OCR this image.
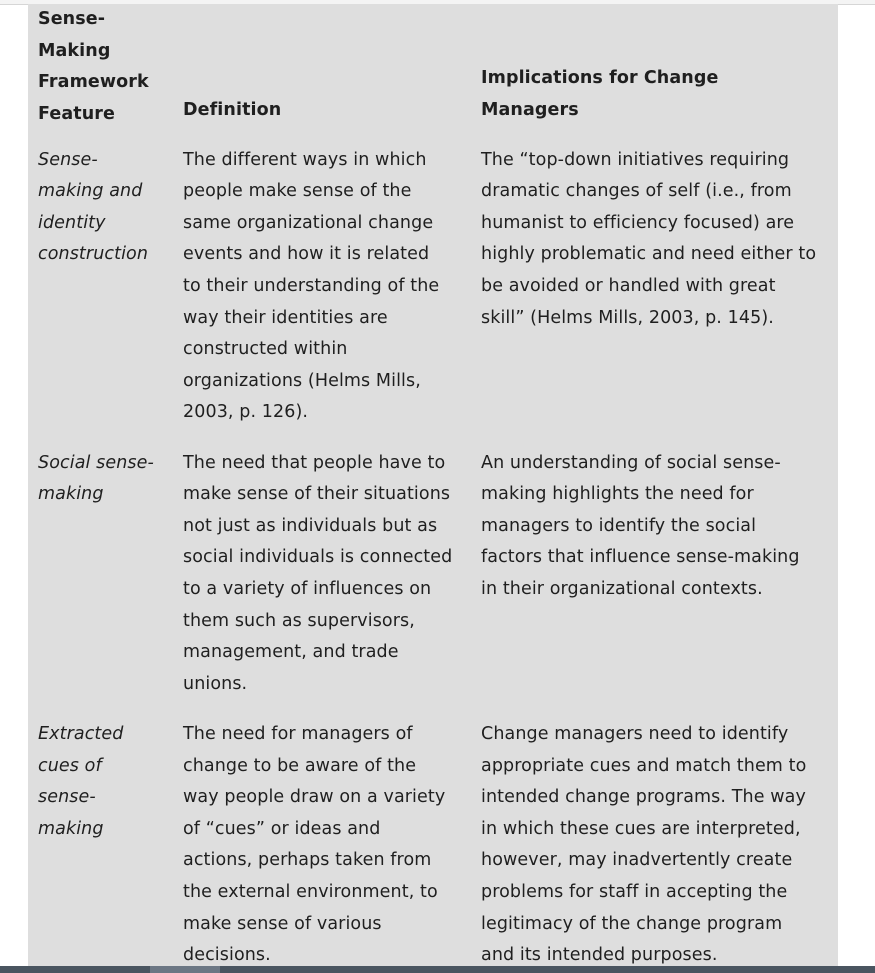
Sense-
Making
Framework
Feature	Definition
Implications for Change
Managers
Sense-
making and
identity
construction
The different ways in which
people make sense of the
same organizational change
events and how it is related
to their understanding of the
way their identities are
constructed within
organizations (Helms Mills,
2003, p. 126).
The “top-down initiatives requiring
dramatic changes of self (i.e., from
humanist to efficiency focused) are
highly problematic and need either to
be avoided or handled with great
skill” (Helms Mills, 2003, p. 145).
Social sense-
making
The need that people have to
make sense of their situations
not just as individuals but as
social individuals is connected
to a variety of influences on
them such as supervisors,
management, and trade
unions.
An understanding of social sense-
making highlights the need for
managers to identify the social
factors that influence sense-making
in their organizational contexts.
Extracted
cues of
sense-
making
The need for managers of
change to be aware of the
way people draw on a variety
of “cues” or ideas and
actions, perhaps taken from
the external environment, to
make sense of various
decisions.
Change managers need to identify
appropriate cues and match them to
intended change programs. The way
in which these cues are interpreted,
however, may inadvertently create
problems for staff in accepting the
legitimacy of the change program
and its intended purposes.
